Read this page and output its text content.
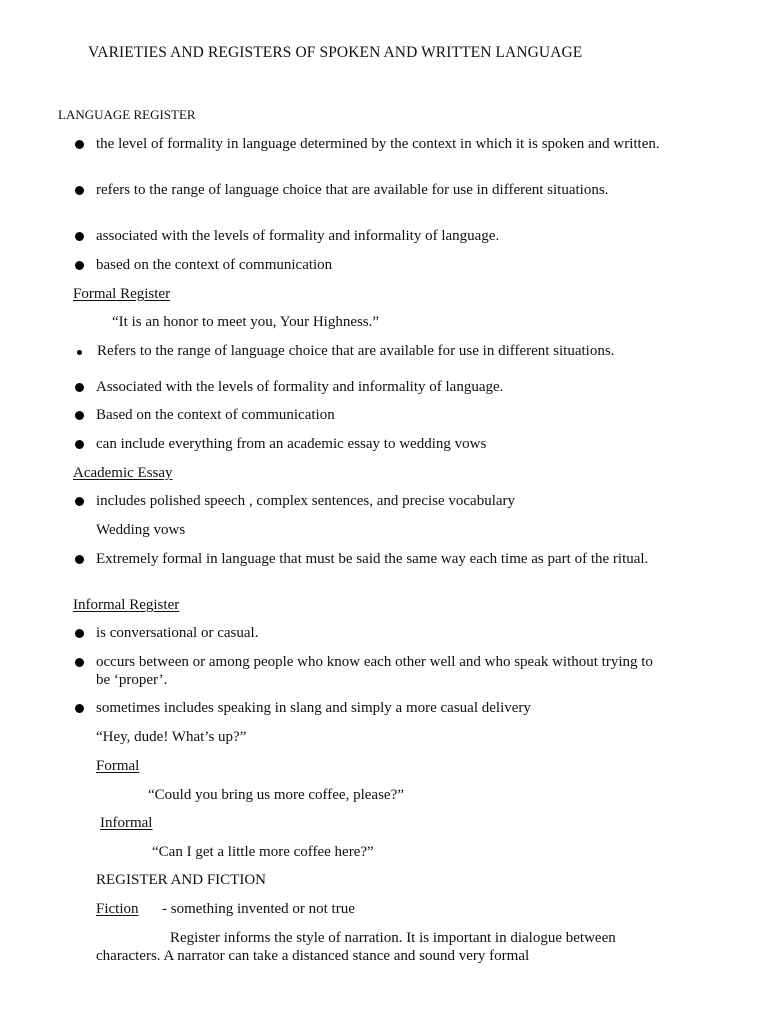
VARIETIES AND REGISTERS OF SPOKEN AND WRITTEN LANGUAGE
LANGUAGE REGISTER
the level of formality in language determined by the context in which it is spoken and written.
refers to the range of language choice that are available for use in different situations.
associated with the levels of formality and informality of language.
based on the context of communication
Formal Register
“It is an honor to meet you, Your Highness.”
Refers to the range of language choice that are available for use in different situations.
Associated with the levels of formality and informality of language.
Based on the context of communication
can include everything from an academic essay to wedding vows
Academic Essay
includes polished speech , complex sentences, and precise vocabulary
Wedding vows
Extremely formal in language that must be said the same way each time as part of the ritual.
Informal Register
is conversational or casual.
occurs between or among people who know each other well and who speak without trying to be ‘proper’.
sometimes includes speaking in slang and simply a more casual delivery
“Hey, dude! What’s up?”
Formal
“Could you bring us more coffee, please?”
Informal
“Can I get a little more coffee here?”
REGISTER AND FICTION
Fiction - something invented or not true
Register informs the style of narration. It is important in dialogue between characters. A narrator can take a distanced stance and sound very formal
